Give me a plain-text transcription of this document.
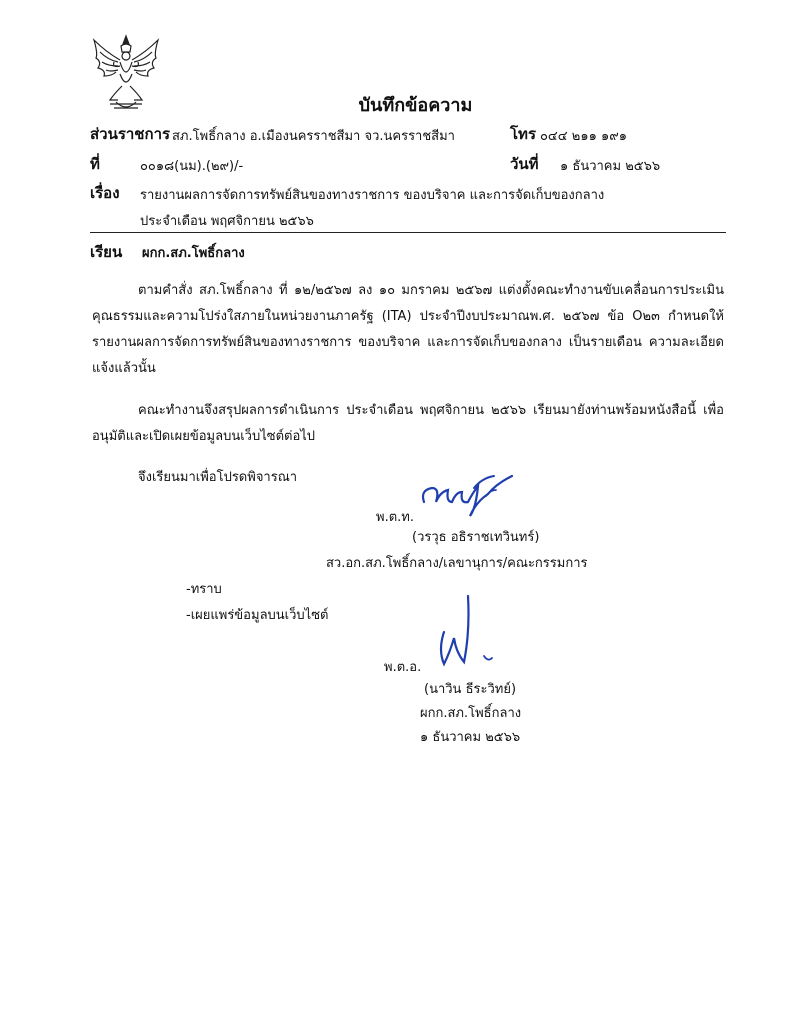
บันทึกข้อความ
ส่วนราชการ สภ.โพธิ์กลาง อ.เมืองนครราชสีมา จว.นครราชสีมา	โทร ๐๔๔ ๒๑๑ ๑๙๑
ที่	๐๐๑๘(นม).(๒๙)/-	วันที่ ๑ ธันวาคม ๒๕๖๖
เรื่อง รายงานผลการจัดการทรัพย์สินของทางราชการ ของบริจาค และการจัดเก็บของกลาง
ประจำเดือน พฤศจิกายน ๒๕๖๖
เรียน ผกก.สภ.โพธิ์กลาง
ตามคำสั่ง สภ.โพธิ์กลาง ที่ ๑๒/๒๕๖๗ ลง ๑๐ มกราคม ๒๕๖๗ แต่งตั้งคณะทำงานขับเคลื่อนการประเมินคุณธรรมและความโปร่งใสภายในหน่วยงานภาครัฐ (ITA) ประจำปีงบประมาณพ.ศ. ๒๕๖๗ ข้อ O๒๓ กำหนดให้รายงานผลการจัดการทรัพย์สินของทางราชการ ของบริจาค และการจัดเก็บของกลาง เป็นรายเดือน ความละเอียดแจ้งแล้วนั้น
คณะทำงานจึงสรุปผลการดำเนินการ ประจำเดือน พฤศจิกายน ๒๕๖๖ เรียนมายังท่านพร้อมหนังสือนี้ เพื่ออนุมัติและเปิดเผยข้อมูลบนเว็บไซต์ต่อไป
จึงเรียนมาเพื่อโปรดพิจารณา
พ.ต.ท.
(วรวุธ อธิราชเทวินทร์)
สว.อก.สภ.โพธิ์กลาง/เลขานุการ/คณะกรรมการ
-ทราบ
-เผยแพร่ข้อมูลบนเว็บไซต์
พ.ต.อ.
(นาวิน ธีระวิทย์)
ผกก.สภ.โพธิ์กลาง
๑ ธันวาคม ๒๕๖๖
